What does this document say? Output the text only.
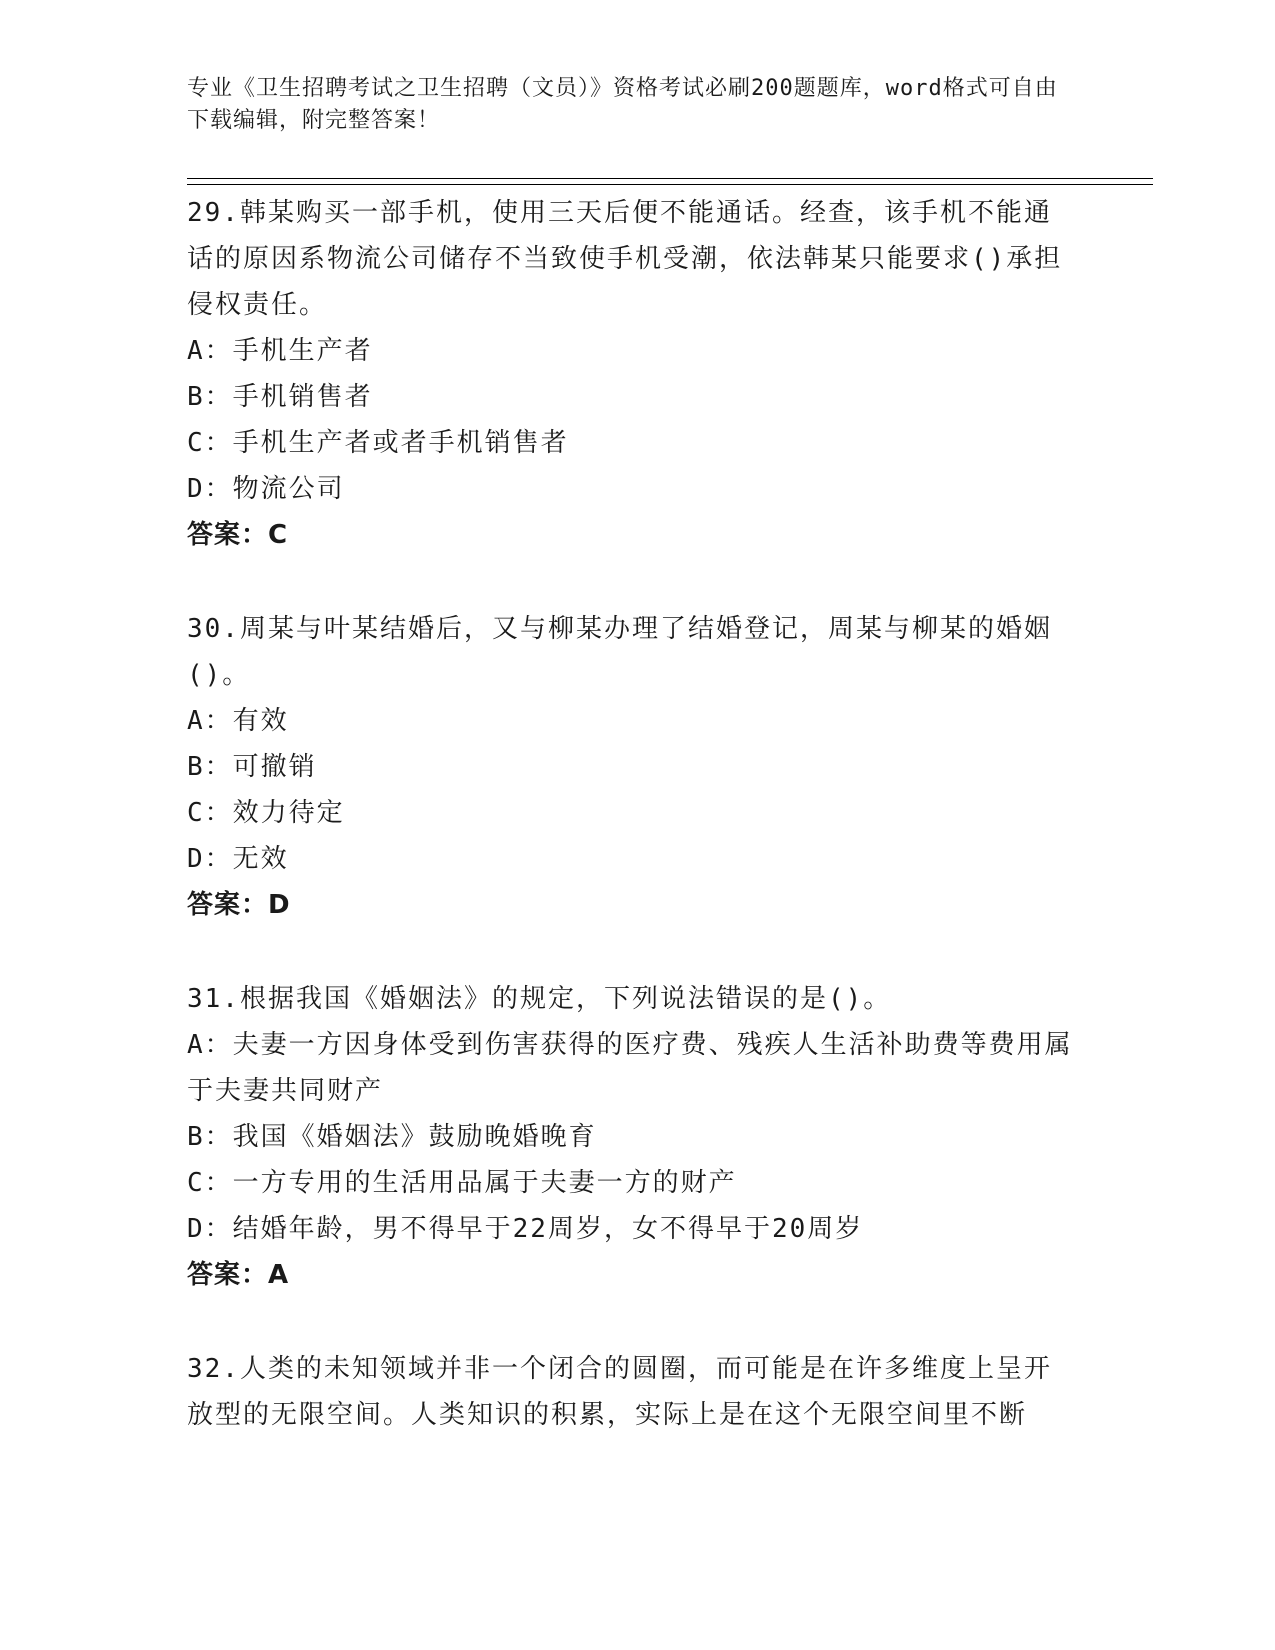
专业《卫生招聘考试之卫生招聘（文员）》资格考试必刷200题题库，word格式可自由下载编辑，附完整答案！

29.韩某购买一部手机，使用三天后便不能通话。经查，该手机不能通话的原因系物流公司储存不当致使手机受潮，依法韩某只能要求()承担侵权责任。

A：手机生产者

B：手机销售者

C：手机生产者或者手机销售者

D：物流公司

答案：C

30.周某与叶某结婚后，又与柳某办理了结婚登记，周某与柳某的婚姻()。

A：有效

B：可撤销

C：效力待定

D：无效

答案：D

31.根据我国《婚姻法》的规定，下列说法错误的是()。

A：夫妻一方因身体受到伤害获得的医疗费、残疾人生活补助费等费用属于夫妻共同财产

B：我国《婚姻法》鼓励晚婚晚育

C：一方专用的生活用品属于夫妻一方的财产

D：结婚年龄，男不得早于22周岁，女不得早于20周岁

答案：A

32.人类的未知领域并非一个闭合的圆圈，而可能是在许多维度上呈开放型的无限空间。人类知识的积累，实际上是在这个无限空间里不断
